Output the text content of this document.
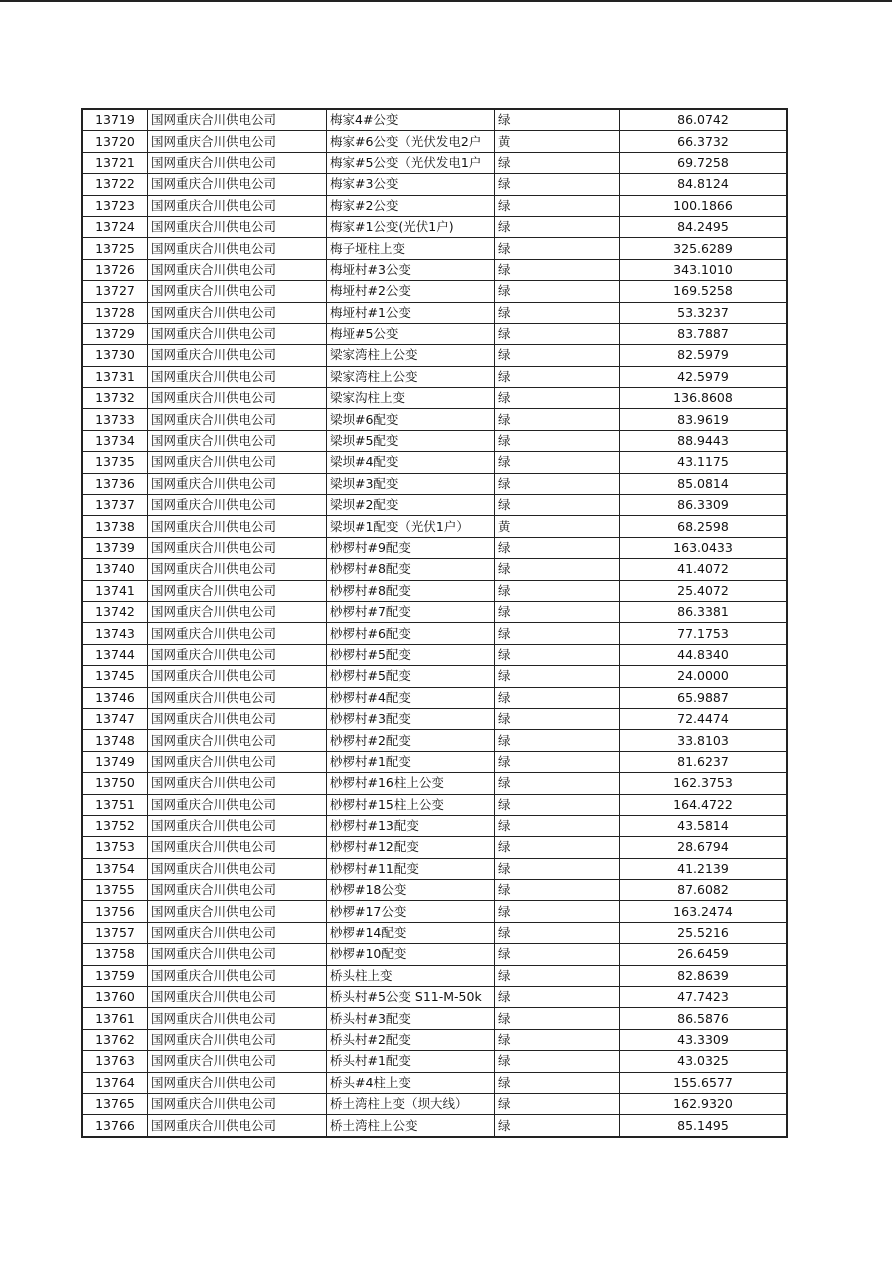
13719	国网重庆合川供电公司	梅家4#公变	绿	86.0742
13720	国网重庆合川供电公司	梅家#6公变（光伏发电2户	黄	66.3732
13721	国网重庆合川供电公司	梅家#5公变（光伏发电1户	绿	69.7258
13722	国网重庆合川供电公司	梅家#3公变	绿	84.8124
13723	国网重庆合川供电公司	梅家#2公变	绿	100.1866
13724	国网重庆合川供电公司	梅家#1公变(光伏1户)	绿	84.2495
13725	国网重庆合川供电公司	梅子垭柱上变	绿	325.6289
13726	国网重庆合川供电公司	梅垭村#3公变	绿	343.1010
13727	国网重庆合川供电公司	梅垭村#2公变	绿	169.5258
13728	国网重庆合川供电公司	梅垭村#1公变	绿	53.3237
13729	国网重庆合川供电公司	梅垭#5公变	绿	83.7887
13730	国网重庆合川供电公司	梁家湾柱上公变	绿	82.5979
13731	国网重庆合川供电公司	梁家湾柱上公变	绿	42.5979
13732	国网重庆合川供电公司	梁家沟柱上变	绿	136.8608
13733	国网重庆合川供电公司	梁坝#6配变	绿	83.9619
13734	国网重庆合川供电公司	梁坝#5配变	绿	88.9443
13735	国网重庆合川供电公司	梁坝#4配变	绿	43.1175
13736	国网重庆合川供电公司	梁坝#3配变	绿	85.0814
13737	国网重庆合川供电公司	梁坝#2配变	绿	86.3309
13738	国网重庆合川供电公司	梁坝#1配变（光伏1户）	黄	68.2598
13739	国网重庆合川供电公司	桫椤村#9配变	绿	163.0433
13740	国网重庆合川供电公司	桫椤村#8配变	绿	41.4072
13741	国网重庆合川供电公司	桫椤村#8配变	绿	25.4072
13742	国网重庆合川供电公司	桫椤村#7配变	绿	86.3381
13743	国网重庆合川供电公司	桫椤村#6配变	绿	77.1753
13744	国网重庆合川供电公司	桫椤村#5配变	绿	44.8340
13745	国网重庆合川供电公司	桫椤村#5配变	绿	24.0000
13746	国网重庆合川供电公司	桫椤村#4配变	绿	65.9887
13747	国网重庆合川供电公司	桫椤村#3配变	绿	72.4474
13748	国网重庆合川供电公司	桫椤村#2配变	绿	33.8103
13749	国网重庆合川供电公司	桫椤村#1配变	绿	81.6237
13750	国网重庆合川供电公司	桫椤村#16柱上公变	绿	162.3753
13751	国网重庆合川供电公司	桫椤村#15柱上公变	绿	164.4722
13752	国网重庆合川供电公司	桫椤村#13配变	绿	43.5814
13753	国网重庆合川供电公司	桫椤村#12配变	绿	28.6794
13754	国网重庆合川供电公司	桫椤村#11配变	绿	41.2139
13755	国网重庆合川供电公司	桫椤#18公变	绿	87.6082
13756	国网重庆合川供电公司	桫椤#17公变	绿	163.2474
13757	国网重庆合川供电公司	桫椤#14配变	绿	25.5216
13758	国网重庆合川供电公司	桫椤#10配变	绿	26.6459
13759	国网重庆合川供电公司	桥头柱上变	绿	82.8639
13760	国网重庆合川供电公司	桥头村#5公变 S11-M-50k	绿	47.7423
13761	国网重庆合川供电公司	桥头村#3配变	绿	86.5876
13762	国网重庆合川供电公司	桥头村#2配变	绿	43.3309
13763	国网重庆合川供电公司	桥头村#1配变	绿	43.0325
13764	国网重庆合川供电公司	桥头#4柱上变	绿	155.6577
13765	国网重庆合川供电公司	桥土湾柱上变（坝大线）	绿	162.9320
13766	国网重庆合川供电公司	桥土湾柱上公变	绿	85.1495
